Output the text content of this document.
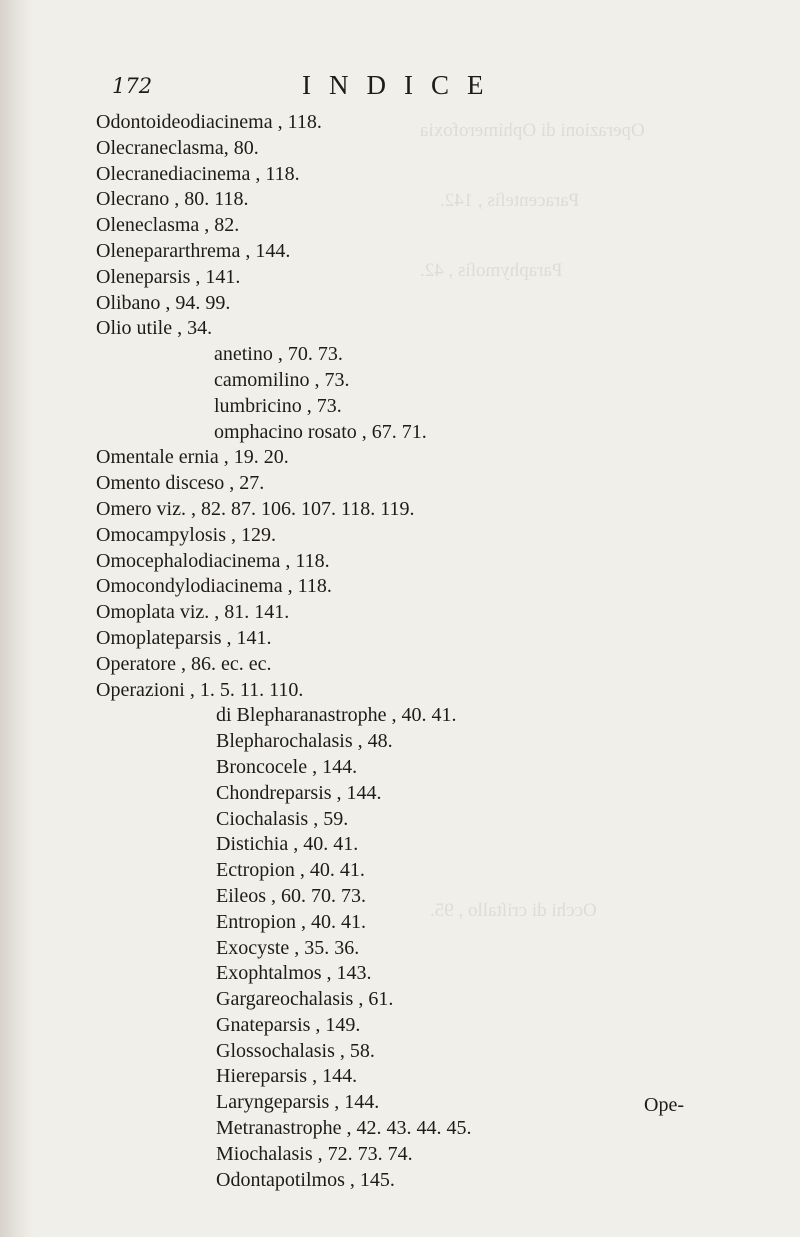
Operazioni di Ophimerofoxia
Paracenteſis , 142.
Paraphymoſis , 42.
Occhi di criſtallo , 95.
172	INDICE
Odontoideodiacinema , 118.
Olecraneclasma, 80.
Olecranediacinema , 118.
Olecrano , 80. 118.
Oleneclasma , 82.
Olenepararthrema , 144.
Oleneparsis , 141.
Olibano , 94. 99.
Olio utile , 34.
anetino , 70. 73.
camomilino , 73.
lumbricino , 73.
omphacino rosato , 67. 71.
Omentale ernia , 19. 20.
Omento disceso , 27.
Omero viz. , 82. 87. 106. 107. 118. 119.
Omocampylosis , 129.
Omocephalodiacinema , 118.
Omocondylodiacinema , 118.
Omoplata viz. , 81. 141.
Omoplateparsis , 141.
Operatore , 86. ec. ec.
Operazioni , 1. 5. 11. 110.
di Blepharanastrophe , 40. 41.
Blepharochalasis , 48.
Broncocele , 144.
Chondreparsis , 144.
Ciochalasis , 59.
Distichia , 40. 41.
Ectropion , 40. 41.
Eileos , 60. 70. 73.
Entropion , 40. 41.
Exocyste , 35. 36.
Exophtalmos , 143.
Gargareochalasis , 61.
Gnateparsis , 149.
Glossochalasis , 58.
Hiereparsis , 144.
Laryngeparsis , 144.
Metranastrophe , 42. 43. 44. 45.
Miochalasis , 72. 73. 74.
Odontapotilmos , 145.
Ope-
